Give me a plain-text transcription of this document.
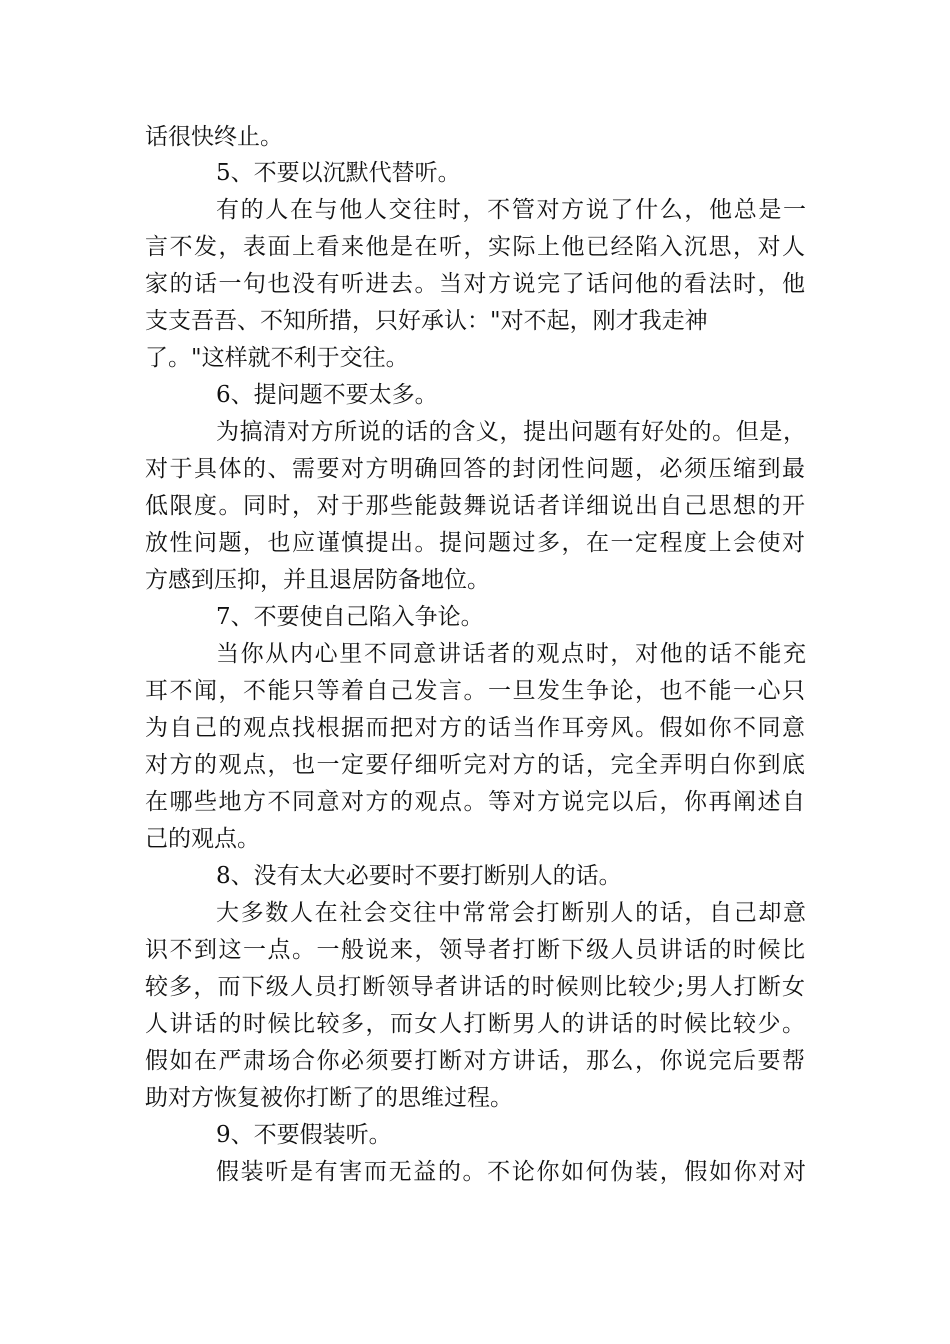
话很快终止。
5、不要以沉默代替听。
有的人在与他人交往时，不管对方说了什么，他总是一
言不发，表面上看来他是在听，实际上他已经陷入沉思，对人
家的话一句也没有听进去。当对方说完了话问他的看法时，他
支支吾吾、不知所措，只好承认："对不起，刚才我走神
了。"这样就不利于交往。
6、提问题不要太多。
为搞清对方所说的话的含义，提出问题有好处的。但是，
对于具体的、需要对方明确回答的封闭性问题，必须压缩到最
低限度。同时，对于那些能鼓舞说话者详细说出自己思想的开
放性问题，也应谨慎提出。提问题过多，在一定程度上会使对
方感到压抑，并且退居防备地位。
7、不要使自己陷入争论。
当你从内心里不同意讲话者的观点时，对他的话不能充
耳不闻，不能只等着自己发言。一旦发生争论，也不能一心只
为自己的观点找根据而把对方的话当作耳旁风。假如你不同意
对方的观点，也一定要仔细听完对方的话，完全弄明白你到底
在哪些地方不同意对方的观点。等对方说完以后，你再阐述自
己的观点。
8、没有太大必要时不要打断别人的话。
大多数人在社会交往中常常会打断别人的话，自己却意
识不到这一点。一般说来，领导者打断下级人员讲话的时候比
较多，而下级人员打断领导者讲话的时候则比较少;男人打断女
人讲话的时候比较多，而女人打断男人的讲话的时候比较少。
假如在严肃场合你必须要打断对方讲话，那么，你说完后要帮
助对方恢复被你打断了的思维过程。
9、不要假装听。
假装听是有害而无益的。不论你如何伪装，假如你对对
